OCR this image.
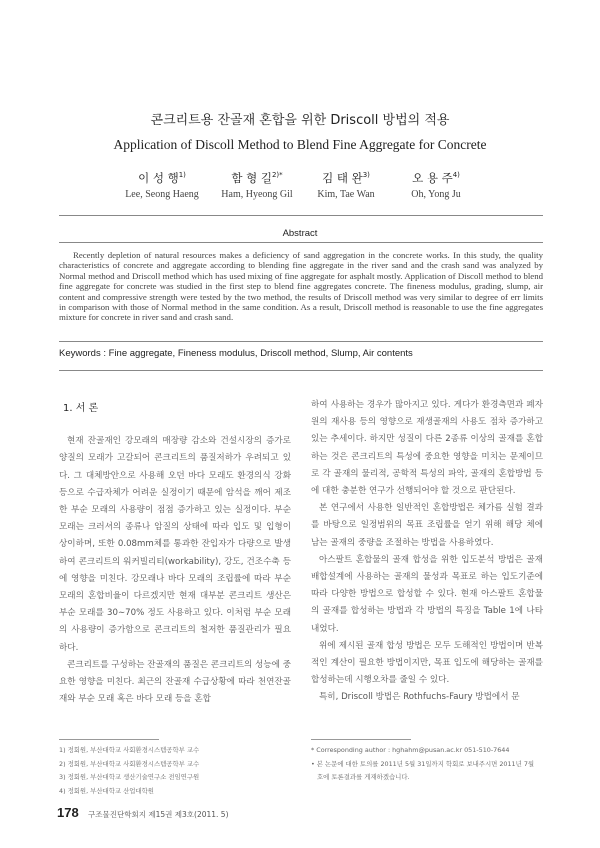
콘크리트용 잔골재 혼합을 위한 Driscoll 방법의 적용
Application of Discoll Method to Blend Fine Aggregate for Concrete
이 성 행$^{1)}$
Lee, Seong Haeng
함 형 길$^{2)*}$
Ham, Hyeong Gil
김 태 완$^{3)}$
Kim, Tae Wan
오 용 주$^{4)}$
Oh, Yong Ju
Abstract
Recently depletion of natural resources makes a deficiency of sand aggregation in the concrete works. In this study, the quality characteristics of concrete and aggregate according to blending fine aggregate in the river sand and the crash sand was analyzed by Normal method and Driscoll method which has used mixing of fine aggregate for asphalt mostly. Application of Discoll method to blend fine aggregate for concrete was studied in the first step to blend fine aggregates concrete. The fineness modulus, grading, slump, air content and compressive strength were tested by the two method, the results of Driscoll method was very similar to degree of err limits in comparison with those of Normal method in the same condition. As a result, Driscoll method is reasonable to use the fine aggregates mixture for concrete in river sand and crash sand.
Keywords : Fine aggregate, Fineness modulus, Driscoll method, Slump, Air contents
1. 서 론

현재 잔골재인 강모래의 매장량 감소와 건설시장의 증가로 양질의 모래가 고갈되어 콘크리트의 품질저하가 우려되고 있다. 그 대체방안으로 사용해 오던 바다 모래도 환경의식 강화 등으로 수급자체가 어려운 실정이기 때문에 암석을 깨어 제조한 부순 모래의 사용량이 점점 증가하고 있는 실정이다. 부순 모래는 크러셔의 종류나 암질의 상태에 따라 입도 및 입형이 상이하며, 또한 0.08mm체를 통과한 잔입자가 다량으로 발생하여 콘크리트의 워커빌리티(workability), 강도, 건조수축 등에 영향을 미친다. 강모래나 바다 모래의 조립률에 따라 부순 모래의 혼합비율이 다르겠지만 현재 대부분 콘크리트 생산은 부순 모래를 30∼70% 정도 사용하고 있다. 이처럼 부순 모래의 사용량이 증가함으로 콘크리트의 철저한 품질관리가 필요하다.

콘크리트를 구성하는 잔골재의 품질은 콘크리트의 성능에 중요한 영향을 미친다. 최근의 잔골재 수급상황에 따라 천연잔골재와 부순 모래 혹은 바다 모래 등을 혼합

하여 사용하는 경우가 많아지고 있다. 게다가 환경측면과 폐자원의 재사용 등의 영향으로 재생골재의 사용도 점차 증가하고 있는 추세이다. 하지만 성질이 다른 2종류 이상의 골재를 혼합하는 것은 콘크리트의 특성에 중요한 영향을 미치는 문제이므로 각 골재의 물리적, 공학적 특성의 파악, 골재의 혼합방법 등에 대한 충분한 연구가 선행되어야 할 것으로 판단된다.

본 연구에서 사용한 일반적인 혼합방법은 체가름 실험 결과를 바탕으로 일정범위의 목표 조립률을 얻기 위해 해당 체에 남는 골재의 중량을 조절하는 방법을 사용하였다.

아스팔트 혼합물의 골재 합성을 위한 입도분석 방법은 골재 배합설계에 사용하는 골재의 물성과 목표로 하는 입도기준에 따라 다양한 방법으로 합성할 수 있다. 현재 아스팔트 혼합물의 골재를 합성하는 방법과 각 방법의 특징을 Table 1에 나타내었다.

위에 제시된 골재 합성 방법은 모두 도해적인 방법이며 반복적인 계산이 필요한 방법이지만, 목표 입도에 해당하는 골재를 합성하는데 시행오차를 줄일 수 있다.

특히, Driscoll 방법은 Rothfuchs-Faury 방법에서 문

1) 정회원, 부산대학교 사회환경시스템공학부 교수
2) 정회원, 부산대학교 사회환경시스템공학부 교수
3) 정회원, 부산대학교 생산기술연구소 전임연구원
4) 정회원, 부산대학교 산업대학원
* Corresponding author : hghahm@pusan.ac.kr 051-510-7644
• 본 논문에 대한 토의를 2011년 5월 31일까지 학회로 보내주시면 2011년 7월
호에 토론결과를 게재하겠습니다.
178 구조물진단학회지 제15권 제3호(2011. 5)
